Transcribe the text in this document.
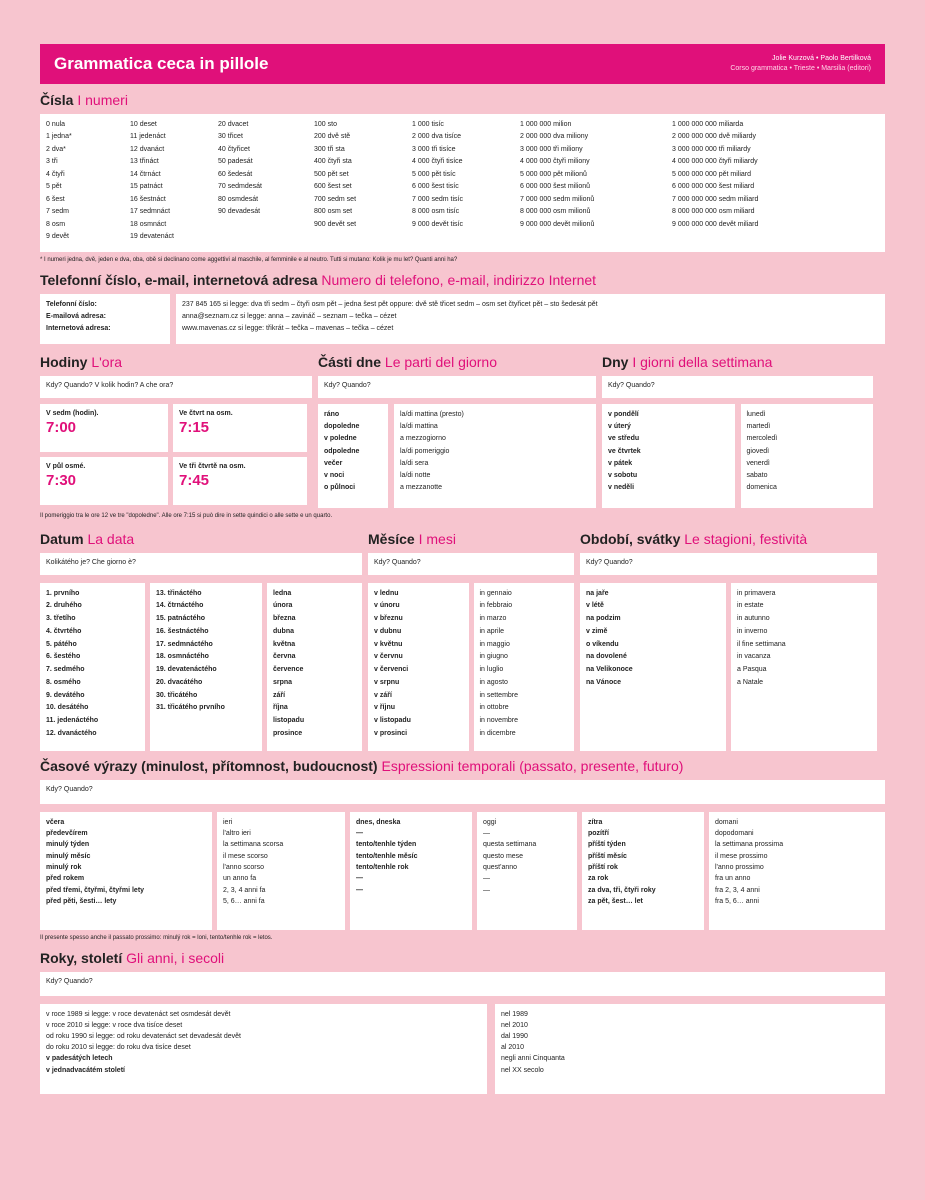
Grammatica ceca in pillole	Jolie Kurzová • Paolo Bertilková
Corso grammatica • Trieste • Marsilia (editori)
Čísla I numeri
0 nula
1 jedna*
2 dva*
3 tři
4 čtyři
5 pět
6 šest
7 sedm
8 osm
9 devět
10 deset
11 jedenáct
12 dvanáct
13 třináct
14 čtrnáct
15 patnáct
16 šestnáct
17 sedmnáct
18 osmnáct
19 devatenáct
20 dvacet
30 třicet
40 čtyřicet
50 padesát
60 šedesát
70 sedmdesát
80 osmdesát
90 devadesát
100 sto
200 dvě stě
300 tři sta
400 čtyři sta
500 pět set
600 šest set
700 sedm set
800 osm set
900 devět set
1 000 tisíc
2 000 dva tisíce
3 000 tři tisíce
4 000 čtyři tisíce
5 000 pět tisíc
6 000 šest tisíc
7 000 sedm tisíc
8 000 osm tisíc
9 000 devět tisíc
1 000 000 milion
2 000 000 dva miliony
3 000 000 tři miliony
4 000 000 čtyři miliony
5 000 000 pět milionů
6 000 000 šest milionů
7 000 000 sedm milionů
8 000 000 osm milionů
9 000 000 devět milionů
1 000 000 000 miliarda
2 000 000 000 dvě miliardy
3 000 000 000 tři miliardy
4 000 000 000 čtyři miliardy
5 000 000 000 pět miliard
6 000 000 000 šest miliard
7 000 000 000 sedm miliard
8 000 000 000 osm miliard
9 000 000 000 devět miliard
* I numeri jedna, dvě, jeden e dva, oba, obě si declinano come aggettivi al maschile, al femminile e al neutro. Tutti si mutano: Kolik je mu let? Quanti anni ha?
Telefonní číslo, e-mail, internetová adresa Numero di telefono, e-mail, indirizzo Internet
Telefonní číslo:
E-mailová adresa:
Internetová adresa:
237 845 165 si legge: dva tři sedm – čtyři osm pět – jedna šest pět oppure: dvě stě třicet sedm – osm set čtyřicet pět – sto šedesát pět
anna@seznam.cz si legge: anna – zavináč – seznam – tečka – cézet
www.mavenas.cz si legge: třikrát – tečka – mavenas – tečka – cézet
Hodiny L'ora
Kdy? Quando? V kolik hodin? A che ora?
V sedm (hodin).
7:00
Ve čtvrt na osm.
7:15
V půl osmé.
7:30
Ve tři čtvrtě na osm.
7:45
Části dne Le parti del giorno
Kdy? Quando?
ráno
dopoledne
v poledne
odpoledne
večer
v noci
o půlnoci
la/di mattina (presto)
la/di mattina
a mezzogiorno
la/di pomeriggio
la/di sera
la/di notte
a mezzanotte
Dny I giorni della settimana
Kdy? Quando?
v pondělí
v úterý
ve středu
ve čtvrtek
v pátek
v sobotu
v neděli
lunedì
martedì
mercoledì
giovedì
venerdì
sabato
domenica
Il pomeriggio tra le ore 12 ve tre "dopoledne". Alle ore 7:15 si può dire in sette quindici o alle sette e un quarto.
Datum La data
Kolikátého je? Che giorno è?
1. prvního
2. druhého
3. třetího
4. čtvrtého
5. pátého
6. šestého
7. sedmého
8. osmého
9. devátého
10. desátého
11. jedenáctého
12. dvanáctého
13. třináctého
14. čtrnáctého
15. patnáctého
16. šestnáctého
17. sedmnáctého
18. osmnáctého
19. devatenáctého
20. dvacátého
30. třicátého
31. třicátého prvního
ledna
února
března
dubna
května
června
července
srpna
září
října
listopadu
prosince
Měsíce I mesi
Kdy? Quando?
v lednu
v únoru
v březnu
v dubnu
v květnu
v červnu
v červenci
v srpnu
v září
v říjnu
v listopadu
v prosinci
in gennaio
in febbraio
in marzo
in aprile
in maggio
in giugno
in luglio
in agosto
in settembre
in ottobre
in novembre
in dicembre
Období, svátky Le stagioni, festività
Kdy? Quando?
na jaře
v létě
na podzim
v zimě
o víkendu
na dovolené
na Velikonoce
na Vánoce
in primavera
in estate
in autunno
in inverno
il fine settimana
in vacanza
a Pasqua
a Natale
Časové výrazy (minulost, přítomnost, budoucnost) Espressioni temporali (passato, presente, futuro)
Kdy? Quando?
včera
předevčírem
minulý týden
minulý měsíc
minulý rok
před rokem
před třemi, čtyřmi, čtyřmi lety
před pěti, šesti… lety
ieri
l'altro ieri
la settimana scorsa
il mese scorso
l'anno scorso
un anno fa
2, 3, 4 anni fa
5, 6… anni fa
dnes, dneska
—
tento/tenhle týden
tento/tenhle měsíc
tento/tenhle rok
—
—
oggi
—
questa settimana
questo mese
quest'anno
—
—
zítra
pozítří
příští týden
příští měsíc
příští rok
za rok
za dva, tři, čtyři roky
za pět, šest… let
domani
dopodomani
la settimana prossima
il mese prossimo
l'anno prossimo
fra un anno
fra 2, 3, 4 anni
fra 5, 6… anni
Il presente spesso anche il passato prossimo: minulý rok = loni, tento/tenhle rok = letos.
Roky, století Gli anni, i secoli
Kdy? Quando?
v roce 1989 si legge: v roce devatenáct set osmdesát devět
v roce 2010 si legge: v roce dva tisíce deset
od roku 1990 si legge: od roku devatenáct set devadesát devět
do roku 2010 si legge: do roku dva tisíce deset
v padesátých letech
v jednadvacátém století
nel 1989
nel 2010
dal 1990
al 2010
negli anni Cinquanta
nel XX secolo
